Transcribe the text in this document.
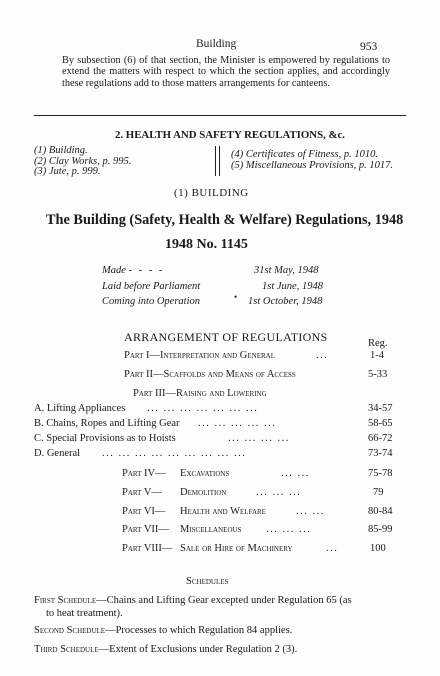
Building	953
By subsection (6) of that section, the Minister is empowered by regulations to extend the matters with respect to which the section applies, and accordingly these regulations add to those matters arrangements for canteens.
2. HEALTH AND SAFETY REGULATIONS, &c.
(1) Building.
(2) Clay Works, p. 995.
(3) Jute, p. 999.
(4) Certificates of Fitness, p. 1010.
(5) Miscellaneous Provisions, p. 1017.
(1) BUILDING
The Building (Safety, Health & Welfare) Regulations, 1948
1948 No. 1145
Made - - - -	31st May, 1948
Laid before Parliament	1st June, 1948
Coming into Operation	1st October, 1948
•
ARRANGEMENT OF REGULATIONS	Reg.
Part I—Interpretation and General	...	1-4
Part II—Scaffolds and Means of Access	5-33
Part III—Raising and Lowering
A. Lifting Appliances ... ... ... ... ... ... ...	34-57
B. Chains, Ropes and Lifting Gear ... ... ... ... ...	58-65
C. Special Provisions as to Hoists	... ... ... ...	66-72
D. General ... ... ... ... ... ... ... ... ...	73-74
Part IV— Excavations	... ...	75-78
Part V— Demolition	... ... ...	79
Part VI— Health and Welfare	... ...	80-84
Part VII— Miscellaneous ... ... ...	85-99
Part VIII— Sale or Hire of Machinery	...	100
Schedules
First Schedule—Chains and Lifting Gear excepted under Regulation 65 (as
to heat treatment).
Second Schedule—Processes to which Regulation 84 applies.
Third Schedule—Extent of Exclusions under Regulation 2 (3).
